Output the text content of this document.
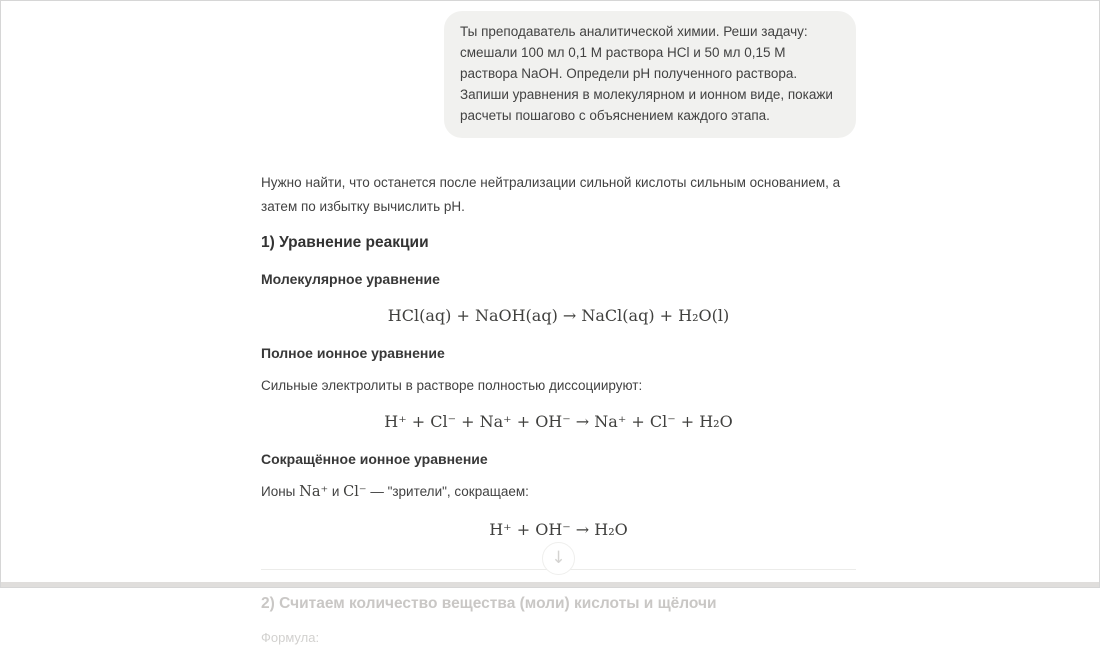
Ты преподаватель аналитической химии. Реши задачу: смешали 100 мл 0,1 М раствора HCl и 50 мл 0,15 М раствора NaOH. Определи pH полученного раствора. Запиши уравнения в молекулярном и ионном виде, покажи расчеты пошагово с объяснением каждого этапа.

Нужно найти, что останется после нейтрализации сильной кислоты сильным основанием, а затем по избытку вычислить pH.

1) Уравнение реакции
Молекулярное уравнение
HCl(aq) + NaOH(aq) → NaCl(aq) + H₂O(l)
Полное ионное уравнение

Сильные электролиты в растворе полностью диссоциируют:

H⁺ + Cl⁻ + Na⁺ + OH⁻ → Na⁺ + Cl⁻ + H₂O
Сокращённое ионное уравнение

Ионы Na⁺ и Cl⁻ — "зрители", сокращаем:

H⁺ + OH⁻ → H₂O
2) Считаем количество вещества (моли) кислоты и щёлочи
Формула:
↓
